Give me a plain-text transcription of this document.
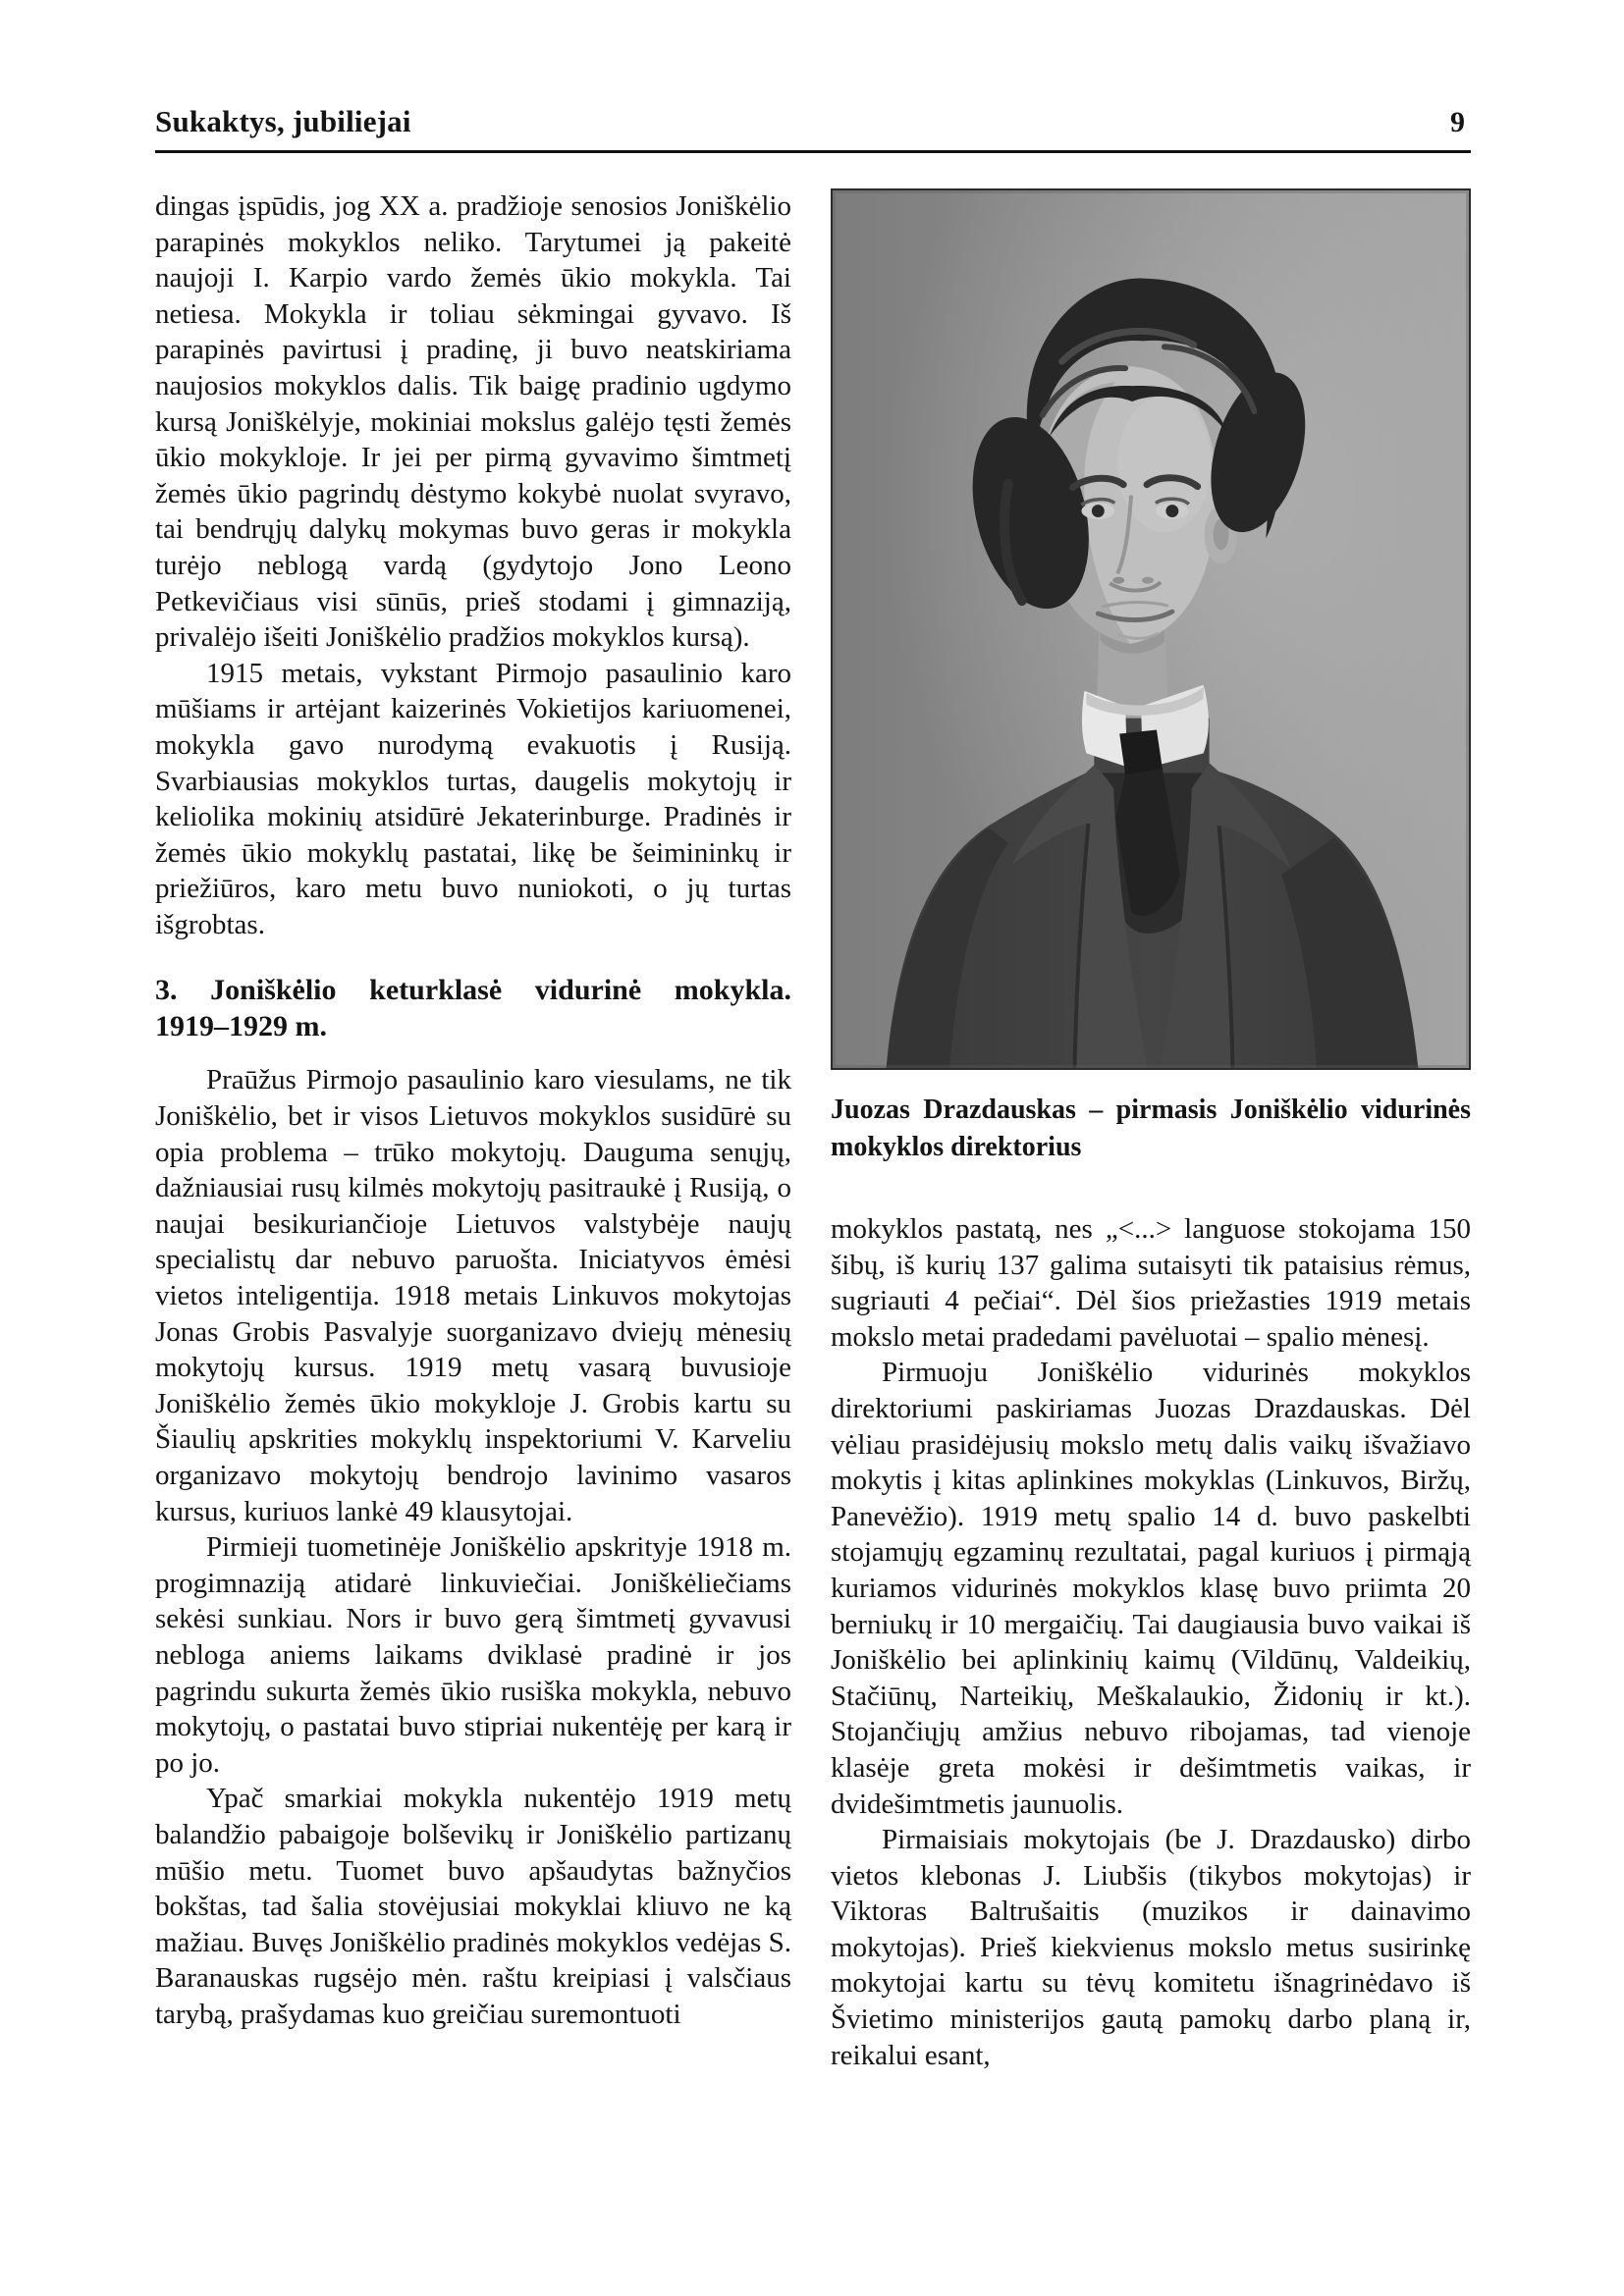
Sukaktys, jubiliejai	9

dingas įspūdis, jog XX a. pradžioje senosios Joniškėlio parapinės mokyklos neliko. Tarytumei ją pakeitė naujoji I. Karpio vardo žemės ūkio mokykla. Tai netiesa. Mokykla ir toliau sėkmingai gyvavo. Iš parapinės pavirtusi į pradinę, ji buvo neatskiriama naujosios mokyklos dalis. Tik baigę pradinio ugdymo kursą Joniškėlyje, mokiniai mokslus galėjo tęsti žemės ūkio mokykloje. Ir jei per pirmą gyvavimo šimtmetį žemės ūkio pagrindų dėstymo kokybė nuolat svyravo, tai bendrųjų dalykų mokymas buvo geras ir mokykla turėjo neblogą vardą (gydytojo Jono Leono Petkevičiaus visi sūnūs, prieš stodami į gimnaziją, privalėjo išeiti Joniškėlio pradžios mokyklos kursą).

1915 metais, vykstant Pirmojo pasaulinio karo mūšiams ir artėjant kaizerinės Vokietijos kariuomenei, mokykla gavo nurodymą evakuotis į Rusiją. Svarbiausias mokyklos turtas, daugelis mokytojų ir keliolika mokinių atsidūrė Jekaterinburge. Pradinės ir žemės ūkio mokyklų pastatai, likę be šeimininkų ir priežiūros, karo metu buvo nuniokoti, o jų turtas išgrobtas.

3. Joniškėlio keturklasė vidurinė mokykla.
1919–1929 m.

Praūžus Pirmojo pasaulinio karo viesulams, ne tik Joniškėlio, bet ir visos Lietuvos mokyklos susidūrė su opia problema – trūko mokytojų. Dauguma senųjų, dažniausiai rusų kilmės mokytojų pasitraukė į Rusiją, o naujai besikuriančioje Lietuvos valstybėje naujų specialistų dar nebuvo paruošta. Iniciatyvos ėmėsi vietos inteligentija. 1918 metais Linkuvos mokytojas Jonas Grobis Pasvalyje suorganizavo dviejų mėnesių mokytojų kursus. 1919 metų vasarą buvusioje Joniškėlio žemės ūkio mokykloje J. Grobis kartu su Šiaulių apskrities mokyklų inspektoriumi V. Karveliu organizavo mokytojų bendrojo lavinimo vasaros kursus, kuriuos lankė 49 klausytojai.

Pirmieji tuometinėje Joniškėlio apskrityje 1918 m. progimnaziją atidarė linkuviečiai. Joniškėliečiams sekėsi sunkiau. Nors ir buvo gerą šimtmetį gyvavusi nebloga aniems laikams dviklasė pradinė ir jos pagrindu sukurta žemės ūkio rusiška mokykla, nebuvo mokytojų, o pastatai buvo stipriai nukentėję per karą ir po jo.

Ypač smarkiai mokykla nukentėjo 1919 metų balandžio pabaigoje bolševikų ir Joniškėlio partizanų mūšio metu. Tuomet buvo apšaudytas bažnyčios bokštas, tad šalia stovėjusiai mokyklai kliuvo ne ką mažiau. Buvęs Joniškėlio pradinės mokyklos vedėjas S. Baranauskas rugsėjo mėn. raštu kreipiasi į valsčiaus tarybą, prašydamas kuo greičiau suremontuoti

Juozas Drazdauskas – pirmasis Joniškėlio vidurinės mokyklos direktorius

mokyklos pastatą, nes „<...> languose stokojama 150 šibų, iš kurių 137 galima sutaisyti tik pataisius rėmus, sugriauti 4 pečiai“. Dėl šios priežasties 1919 metais mokslo metai pradedami pavėluotai – spalio mėnesį.

Pirmuoju Joniškėlio vidurinės mokyklos direktoriumi paskiriamas Juozas Drazdauskas. Dėl vėliau prasidėjusių mokslo metų dalis vaikų išvažiavo mokytis į kitas aplinkines mokyklas (Linkuvos, Biržų, Panevėžio). 1919 metų spalio 14 d. buvo paskelbti stojamųjų egzaminų rezultatai, pagal kuriuos į pirmąją kuriamos vidurinės mokyklos klasę buvo priimta 20 berniukų ir 10 mergaičių. Tai daugiausia buvo vaikai iš Joniškėlio bei aplinkinių kaimų (Vildūnų, Valdeikių, Stačiūnų, Narteikių, Meškalaukio, Židonių ir kt.). Stojančiųjų amžius nebuvo ribojamas, tad vienoje klasėje greta mokėsi ir dešimtmetis vaikas, ir dvidešimtmetis jaunuolis.

Pirmaisiais mokytojais (be J. Drazdausko) dirbo vietos klebonas J. Liubšis (tikybos mokytojas) ir Viktoras Baltrušaitis (muzikos ir dainavimo mokytojas). Prieš kiekvienus mokslo metus susirinkę mokytojai kartu su tėvų komitetu išnagrinėdavo iš Švietimo ministerijos gautą pamokų darbo planą ir, reikalui esant,
